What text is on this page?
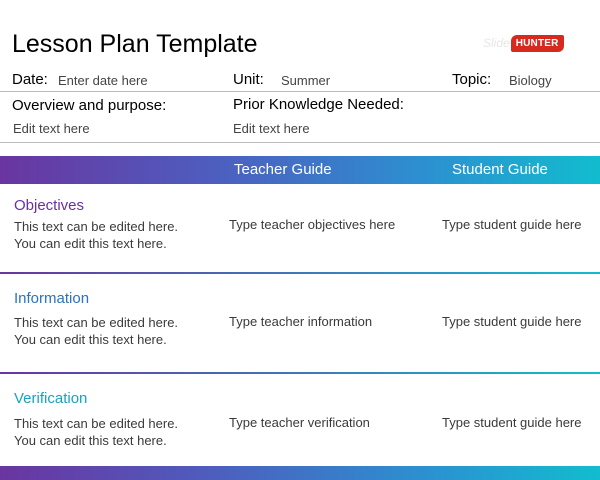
Lesson Plan Template	Slide HUNTER
Date: Enter date here	Unit: Summer	Topic: Biology
Overview and purpose:
Edit text here
Prior Knowledge Needed:
Edit text here
Teacher Guide	Student Guide
Objectives
This text can be edited here.
You can edit this text here.
Type teacher objectives here	Type student guide here
Information
This text can be edited here.
You can edit this text here.
Type teacher information	Type student guide here
Verification
This text can be edited here.
You can edit this text here.
Type teacher verification	Type student guide here
